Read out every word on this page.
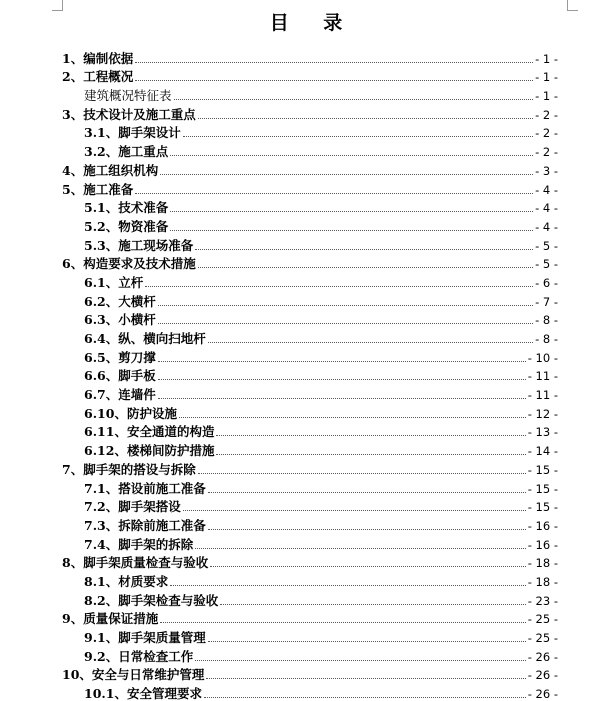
目 录
1、编制依据	- 1 -
2、工程概况	- 1 -
建筑概况特征表	- 1 -
3、技术设计及施工重点	- 2 -
3.1、脚手架设计	- 2 -
3.2、施工重点	- 2 -
4、施工组织机构	- 3 -
5、施工准备	- 4 -
5.1、技术准备	- 4 -
5.2、物资准备	- 4 -
5.3、施工现场准备	- 5 -
6、构造要求及技术措施	- 5 -
6.1、立杆	- 6 -
6.2、大横杆	- 7 -
6.3、小横杆	- 8 -
6.4、纵、横向扫地杆	- 8 -
6.5、剪刀撑	- 10 -
6.6、脚手板	- 11 -
6.7、连墙件	- 11 -
6.10、防护设施	- 12 -
6.11、安全通道的构造	- 13 -
6.12、楼梯间防护措施	- 14 -
7、脚手架的搭设与拆除	- 15 -
7.1、搭设前施工准备	- 15 -
7.2、脚手架搭设	- 15 -
7.3、拆除前施工准备	- 16 -
7.4、脚手架的拆除	- 16 -
8、脚手架质量检查与验收	- 18 -
8.1、材质要求	- 18 -
8.2、脚手架检查与验收	- 23 -
9、质量保证措施	- 25 -
9.1、脚手架质量管理	- 25 -
9.2、日常检查工作	- 26 -
10、安全与日常维护管理	- 26 -
10.1、安全管理要求	- 26 -
